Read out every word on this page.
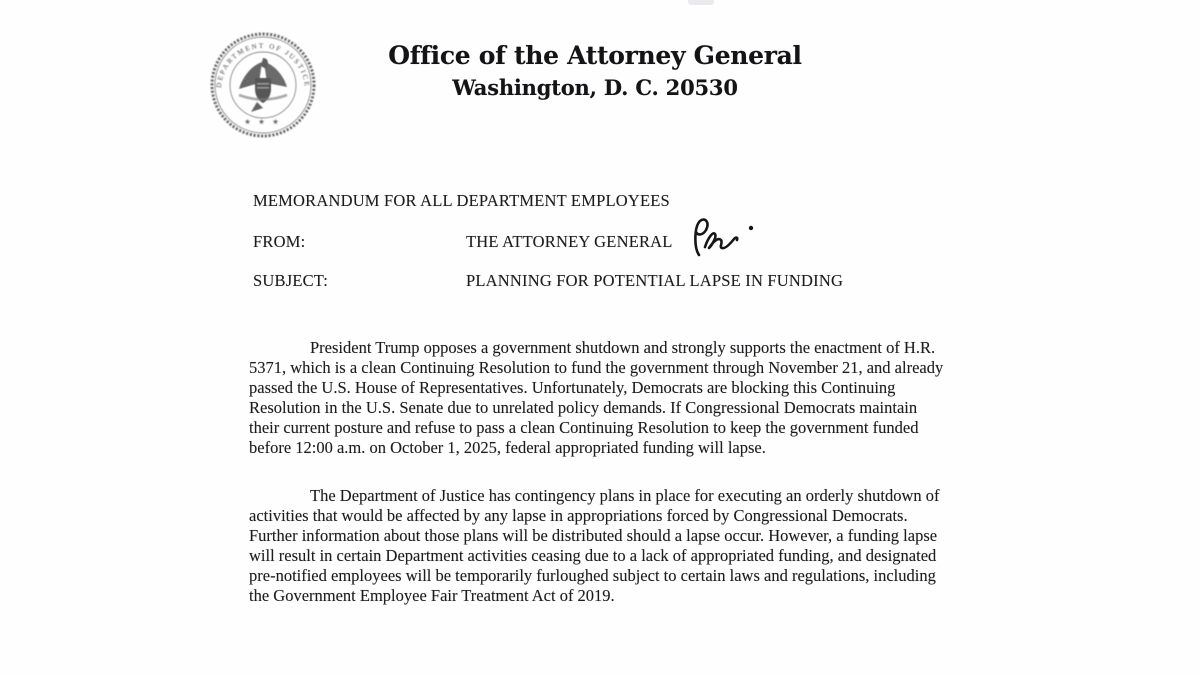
DEPARTMENT OF JUSTICE
★ ★ ★
Office of the Attorney General
Washington, D. C. 20530
MEMORANDUM FOR ALL DEPARTMENT EMPLOYEES
FROM:	THE ATTORNEY GENERAL
SUBJECT:	PLANNING FOR POTENTIAL LAPSE IN FUNDING

President Trump opposes a government shutdown and strongly supports the enactment of H.R. 5371, which is a clean Continuing Resolution to fund the government through November 21, and already passed the U.S. House of Representatives. Unfortunately, Democrats are blocking this Continuing Resolution in the U.S. Senate due to unrelated policy demands. If Congressional Democrats maintain their current posture and refuse to pass a clean Continuing Resolution to keep the government funded before 12:00 a.m. on October 1, 2025, federal appropriated funding will lapse.

The Department of Justice has contingency plans in place for executing an orderly shutdown of activities that would be affected by any lapse in appropriations forced by Congressional Democrats. Further information about those plans will be distributed should a lapse occur. However, a funding lapse will result in certain Department activities ceasing due to a lack of appropriated funding, and designated pre-notified employees will be temporarily furloughed subject to certain laws and regulations, including the Government Employee Fair Treatment Act of 2019.
